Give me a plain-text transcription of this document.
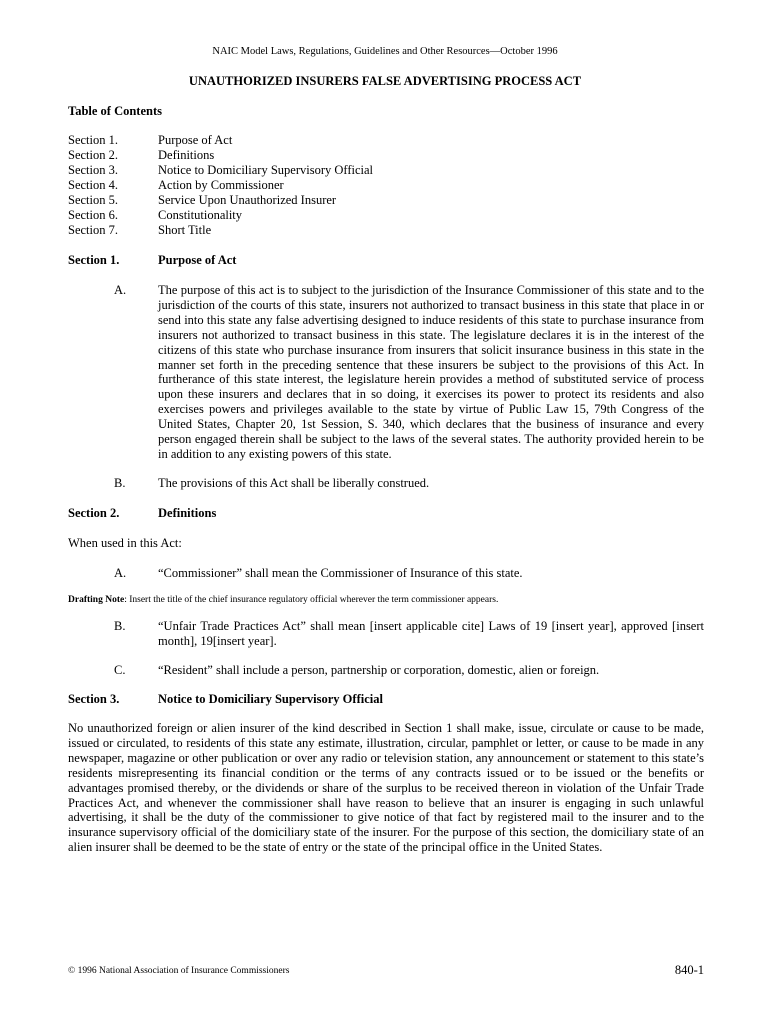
NAIC Model Laws, Regulations, Guidelines and Other Resources—October 1996
UNAUTHORIZED INSURERS FALSE ADVERTISING PROCESS ACT
Table of Contents
Section 1.	Purpose of Act
Section 2.	Definitions
Section 3.	Notice to Domiciliary Supervisory Official
Section 4.	Action by Commissioner
Section 5.	Service Upon Unauthorized Insurer
Section 6.	Constitutionality
Section 7.	Short Title
Section 1.	Purpose of Act
A.	The purpose of this act is to subject to the jurisdiction of the Insurance Commissioner of this state and to the jurisdiction of the courts of this state, insurers not authorized to transact business in this state that place in or send into this state any false advertising designed to induce residents of this state to purchase insurance from insurers not authorized to transact business in this state. The legislature declares it is in the interest of the citizens of this state who purchase insurance from insurers that solicit insurance business in this state in the manner set forth in the preceding sentence that these insurers be subject to the provisions of this Act. In furtherance of this state interest, the legislature herein provides a method of substituted service of process upon these insurers and declares that in so doing, it exercises its power to protect its residents and also exercises powers and privileges available to the state by virtue of Public Law 15, 79th Congress of the United States, Chapter 20, 1st Session, S. 340, which declares that the business of insurance and every person engaged therein shall be subject to the laws of the several states. The authority provided herein to be in addition to any existing powers of this state.
B.	The provisions of this Act shall be liberally construed.
Section 2.	Definitions
When used in this Act:
A.	“Commissioner” shall mean the Commissioner of Insurance of this state.
Drafting Note: Insert the title of the chief insurance regulatory official wherever the term commissioner appears.
B.	“Unfair Trade Practices Act” shall mean [insert applicable cite] Laws of 19 [insert year], approved [insert month], 19[insert year].
C.	“Resident” shall include a person, partnership or corporation, domestic, alien or foreign.
Section 3.	Notice to Domiciliary Supervisory Official
No unauthorized foreign or alien insurer of the kind described in Section 1 shall make, issue, circulate or cause to be made, issued or circulated, to residents of this state any estimate, illustration, circular, pamphlet or letter, or cause to be made in any newspaper, magazine or other publication or over any radio or television station, any announcement or statement to this state’s residents misrepresenting its financial condition or the terms of any contracts issued or to be issued or the benefits or advantages promised thereby, or the dividends or share of the surplus to be received thereon in violation of the Unfair Trade Practices Act, and whenever the commissioner shall have reason to believe that an insurer is engaging in such unlawful advertising, it shall be the duty of the commissioner to give notice of that fact by registered mail to the insurer and to the insurance supervisory official of the domiciliary state of the insurer. For the purpose of this section, the domiciliary state of an alien insurer shall be deemed to be the state of entry or the state of the principal office in the United States.
© 1996 National Association of Insurance Commissioners	840-1
